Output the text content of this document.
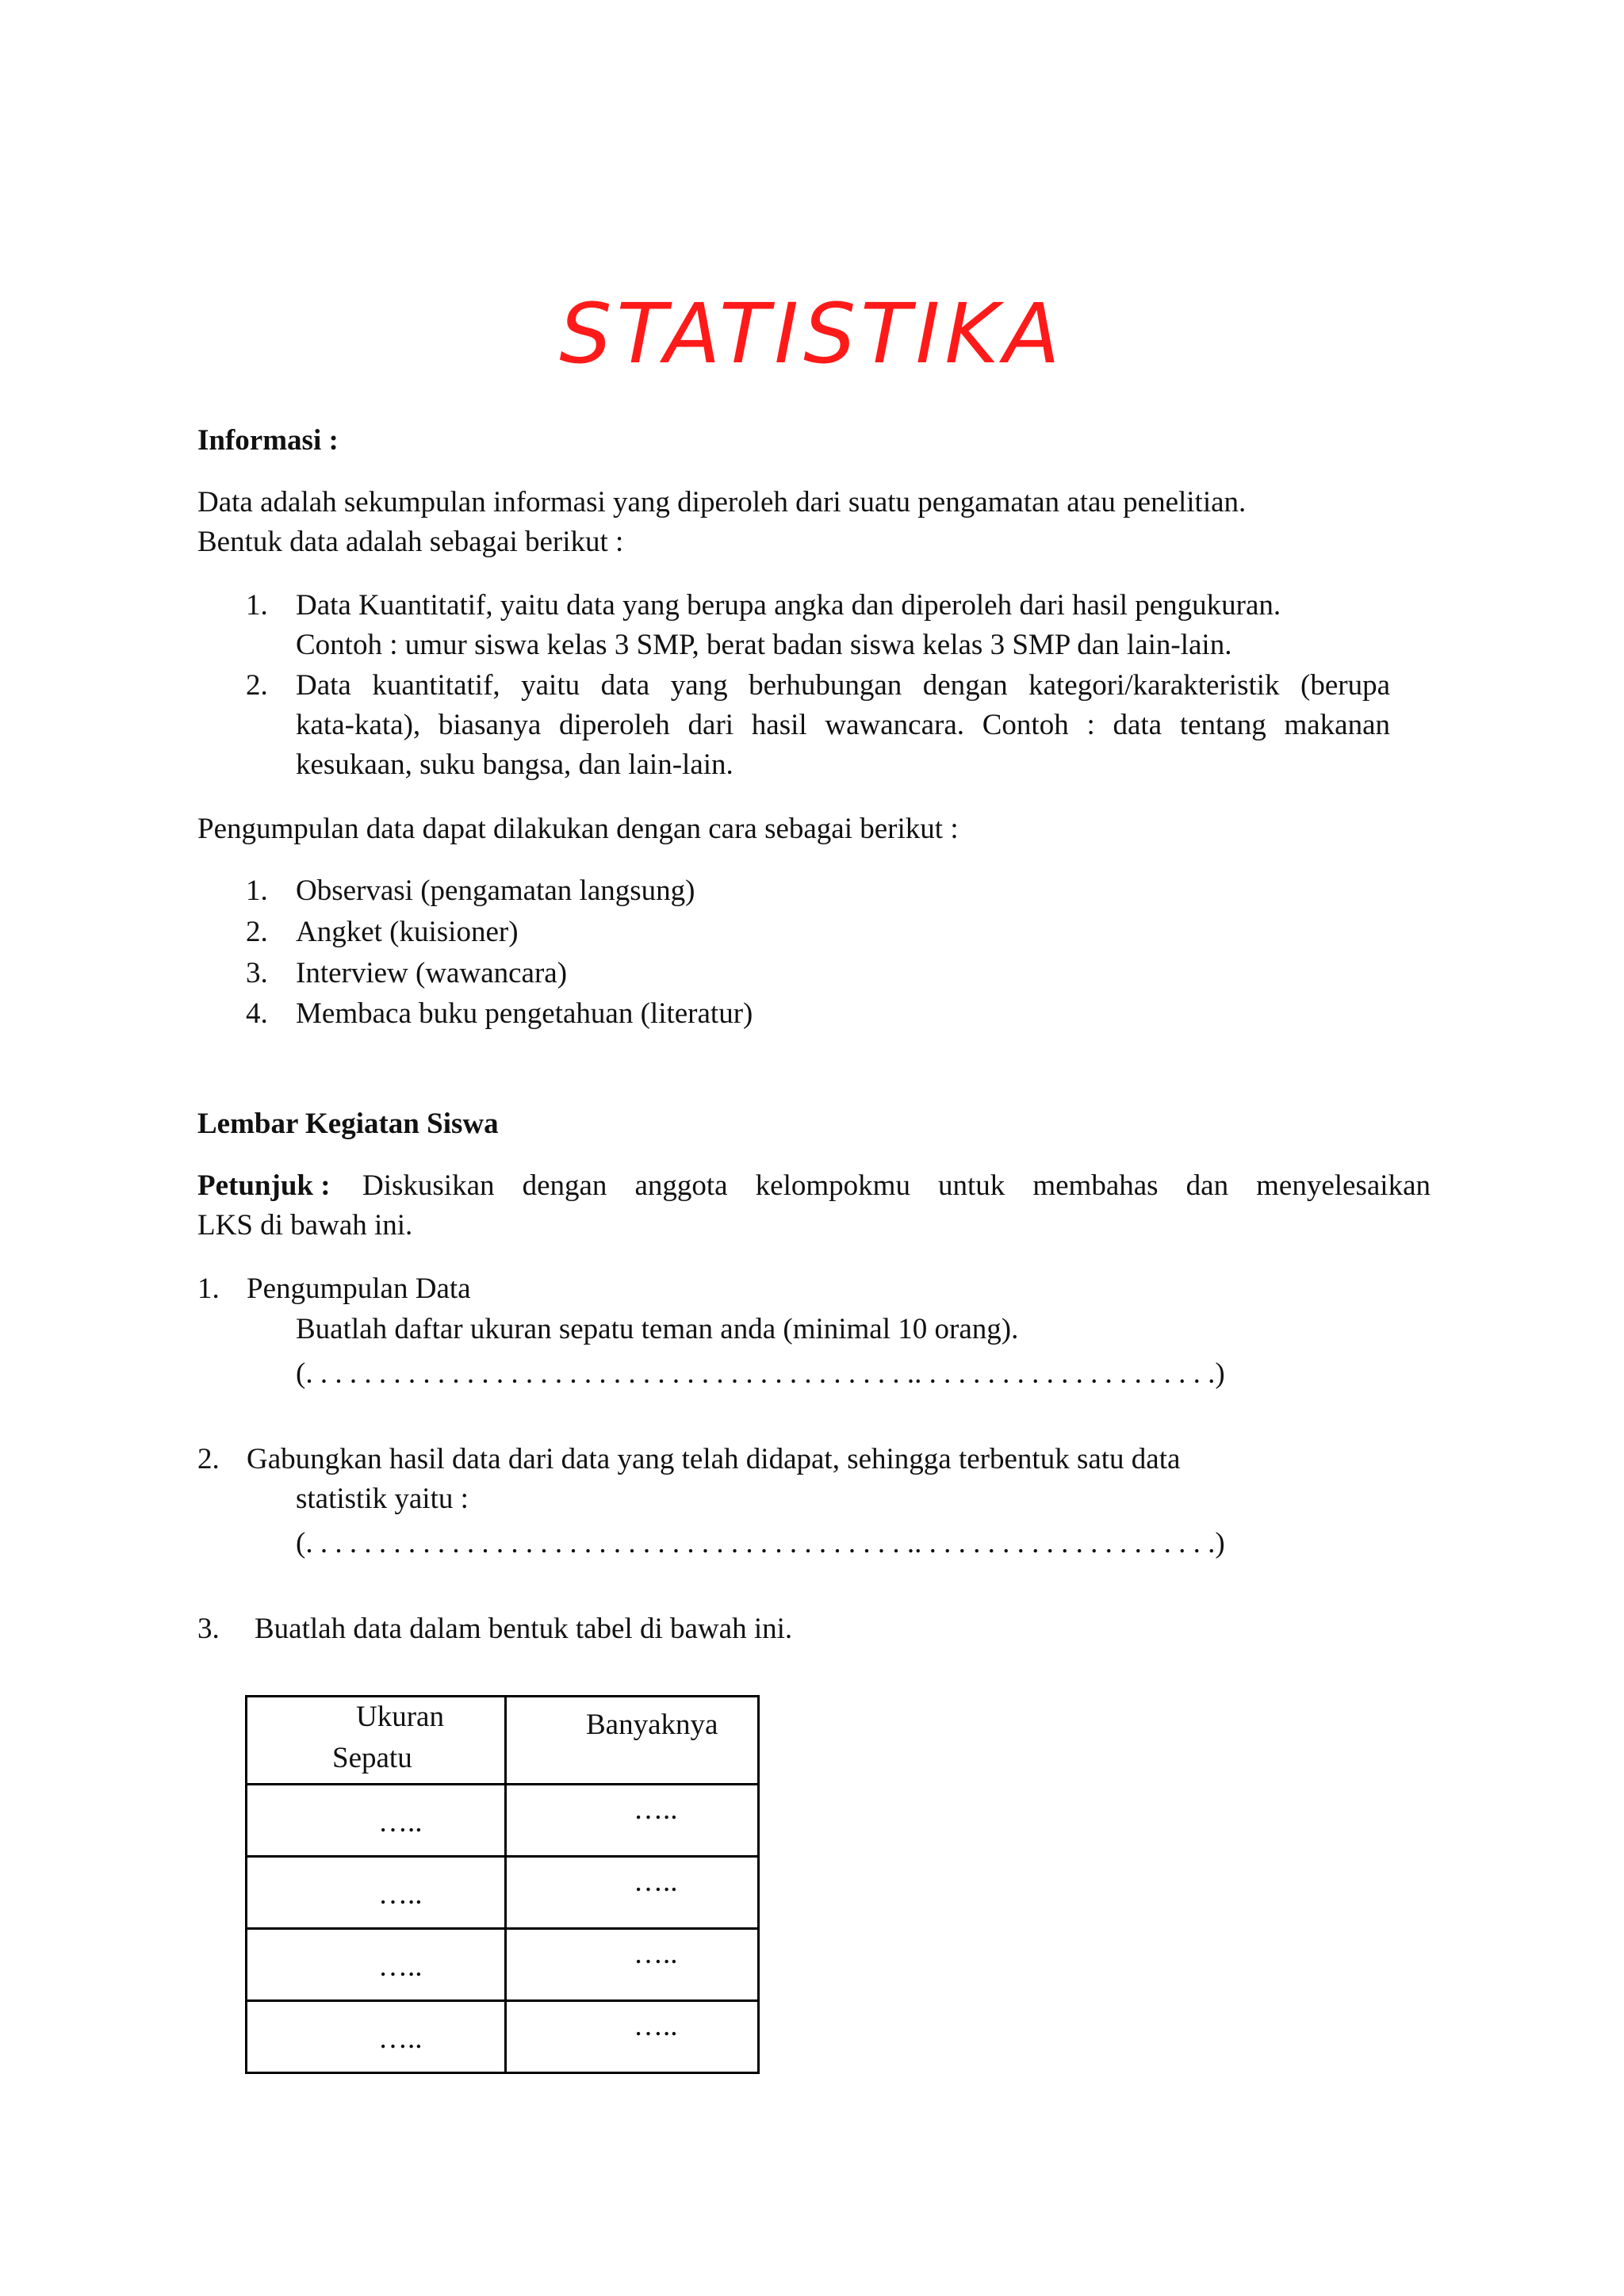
STATISTIKA

Informasi :

Data adalah sekumpulan informasi yang diperoleh dari suatu pengamatan atau penelitian.

Bentuk data adalah sebagai berikut :

1. Data Kuantitatif, yaitu data yang berupa angka dan diperoleh dari hasil pengukuran.

Contoh : umur siswa kelas 3 SMP, berat badan siswa kelas 3 SMP dan lain-lain.

2. Data kuantitatif, yaitu data yang berhubungan dengan kategori/karakteristik (berupa

kata-kata), biasanya diperoleh dari hasil wawancara. Contoh : data tentang makanan

kesukaan, suku bangsa, dan lain-lain.

Pengumpulan data dapat dilakukan dengan cara sebagai berikut :

1. Observasi (pengamatan langsung)

2. Angket (kuisioner)

3. Interview (wawancara)

4. Membaca buku pengetahuan (literatur)

Lembar Kegiatan Siswa

Petunjuk : Diskusikan dengan anggota kelompokmu untuk membahas dan menyelesaikan

LKS di bawah ini.

1. Pengumpulan Data

Buatlah daftar ukuran sepatu teman anda (minimal 10 orang).

(. . . . . . . . . . . . . . . . . . . . . . . . . . . . . . . . . . . . . . . . . .. . . . . . . . . . . . . . . . . . . . .)

2. Gabungkan hasil data dari data yang telah didapat, sehingga terbentuk satu data

statistik yaitu :

(. . . . . . . . . . . . . . . . . . . . . . . . . . . . . . . . . . . . . . . . . .. . . . . . . . . . . . . . . . . . . . .)

3. Buatlah data dalam bentuk tabel di bawah ini.

Ukuran
Sepatu	Banyaknya

…..	…..

…..	…..

…..	…..

…..	…..
